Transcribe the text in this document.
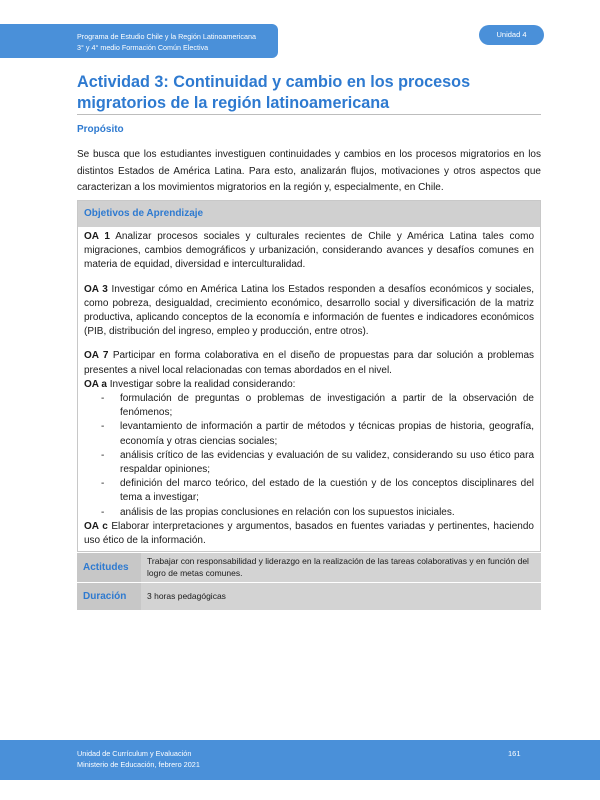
Programa de Estudio Chile y la Región Latinoamericana
3° y 4° medio Formación Común Electiva
Unidad 4
Actividad 3: Continuidad y cambio en los procesos migratorios de la región latinoamericana
Propósito
Se busca que los estudiantes investiguen continuidades y cambios en los procesos migratorios en los distintos Estados de América Latina. Para esto, analizarán flujos, motivaciones y otros aspectos que caracterizan a los movimientos migratorios en la región y, especialmente, en Chile.
Objetivos de Aprendizaje

OA 1 Analizar procesos sociales y culturales recientes de Chile y América Latina tales como migraciones, cambios demográficos y urbanización, considerando avances y desafíos comunes en materia de equidad, diversidad e interculturalidad.

OA 3 Investigar cómo en América Latina los Estados responden a desafíos económicos y sociales, como pobreza, desigualdad, crecimiento económico, desarrollo social y diversificación de la matriz productiva, aplicando conceptos de la economía e información de fuentes e indicadores económicos (PIB, distribución del ingreso, empleo y producción, entre otros).

OA 7 Participar en forma colaborativa en el diseño de propuestas para dar solución a problemas presentes a nivel local relacionadas con temas abordados en el nivel.

OA a Investigar sobre la realidad considerando:

- formulación de preguntas o problemas de investigación a partir de la observación de fenómenos;
- levantamiento de información a partir de métodos y técnicas propias de historia, geografía, economía y otras ciencias sociales;
- análisis crítico de las evidencias y evaluación de su validez, considerando su uso ético para respaldar opiniones;
- definición del marco teórico, del estado de la cuestión y de los conceptos disciplinares del tema a investigar;
- análisis de las propias conclusiones en relación con los supuestos iniciales.

OA c Elaborar interpretaciones y argumentos, basados en fuentes variadas y pertinentes, haciendo uso ético de la información.

Actitudes
Trabajar con responsabilidad y liderazgo en la realización de las tareas colaborativas y en función del logro de metas comunes.
Duración	3 horas pedagógicas
Unidad de Currículum y Evaluación
Ministerio de Educación, febrero 2021
161
